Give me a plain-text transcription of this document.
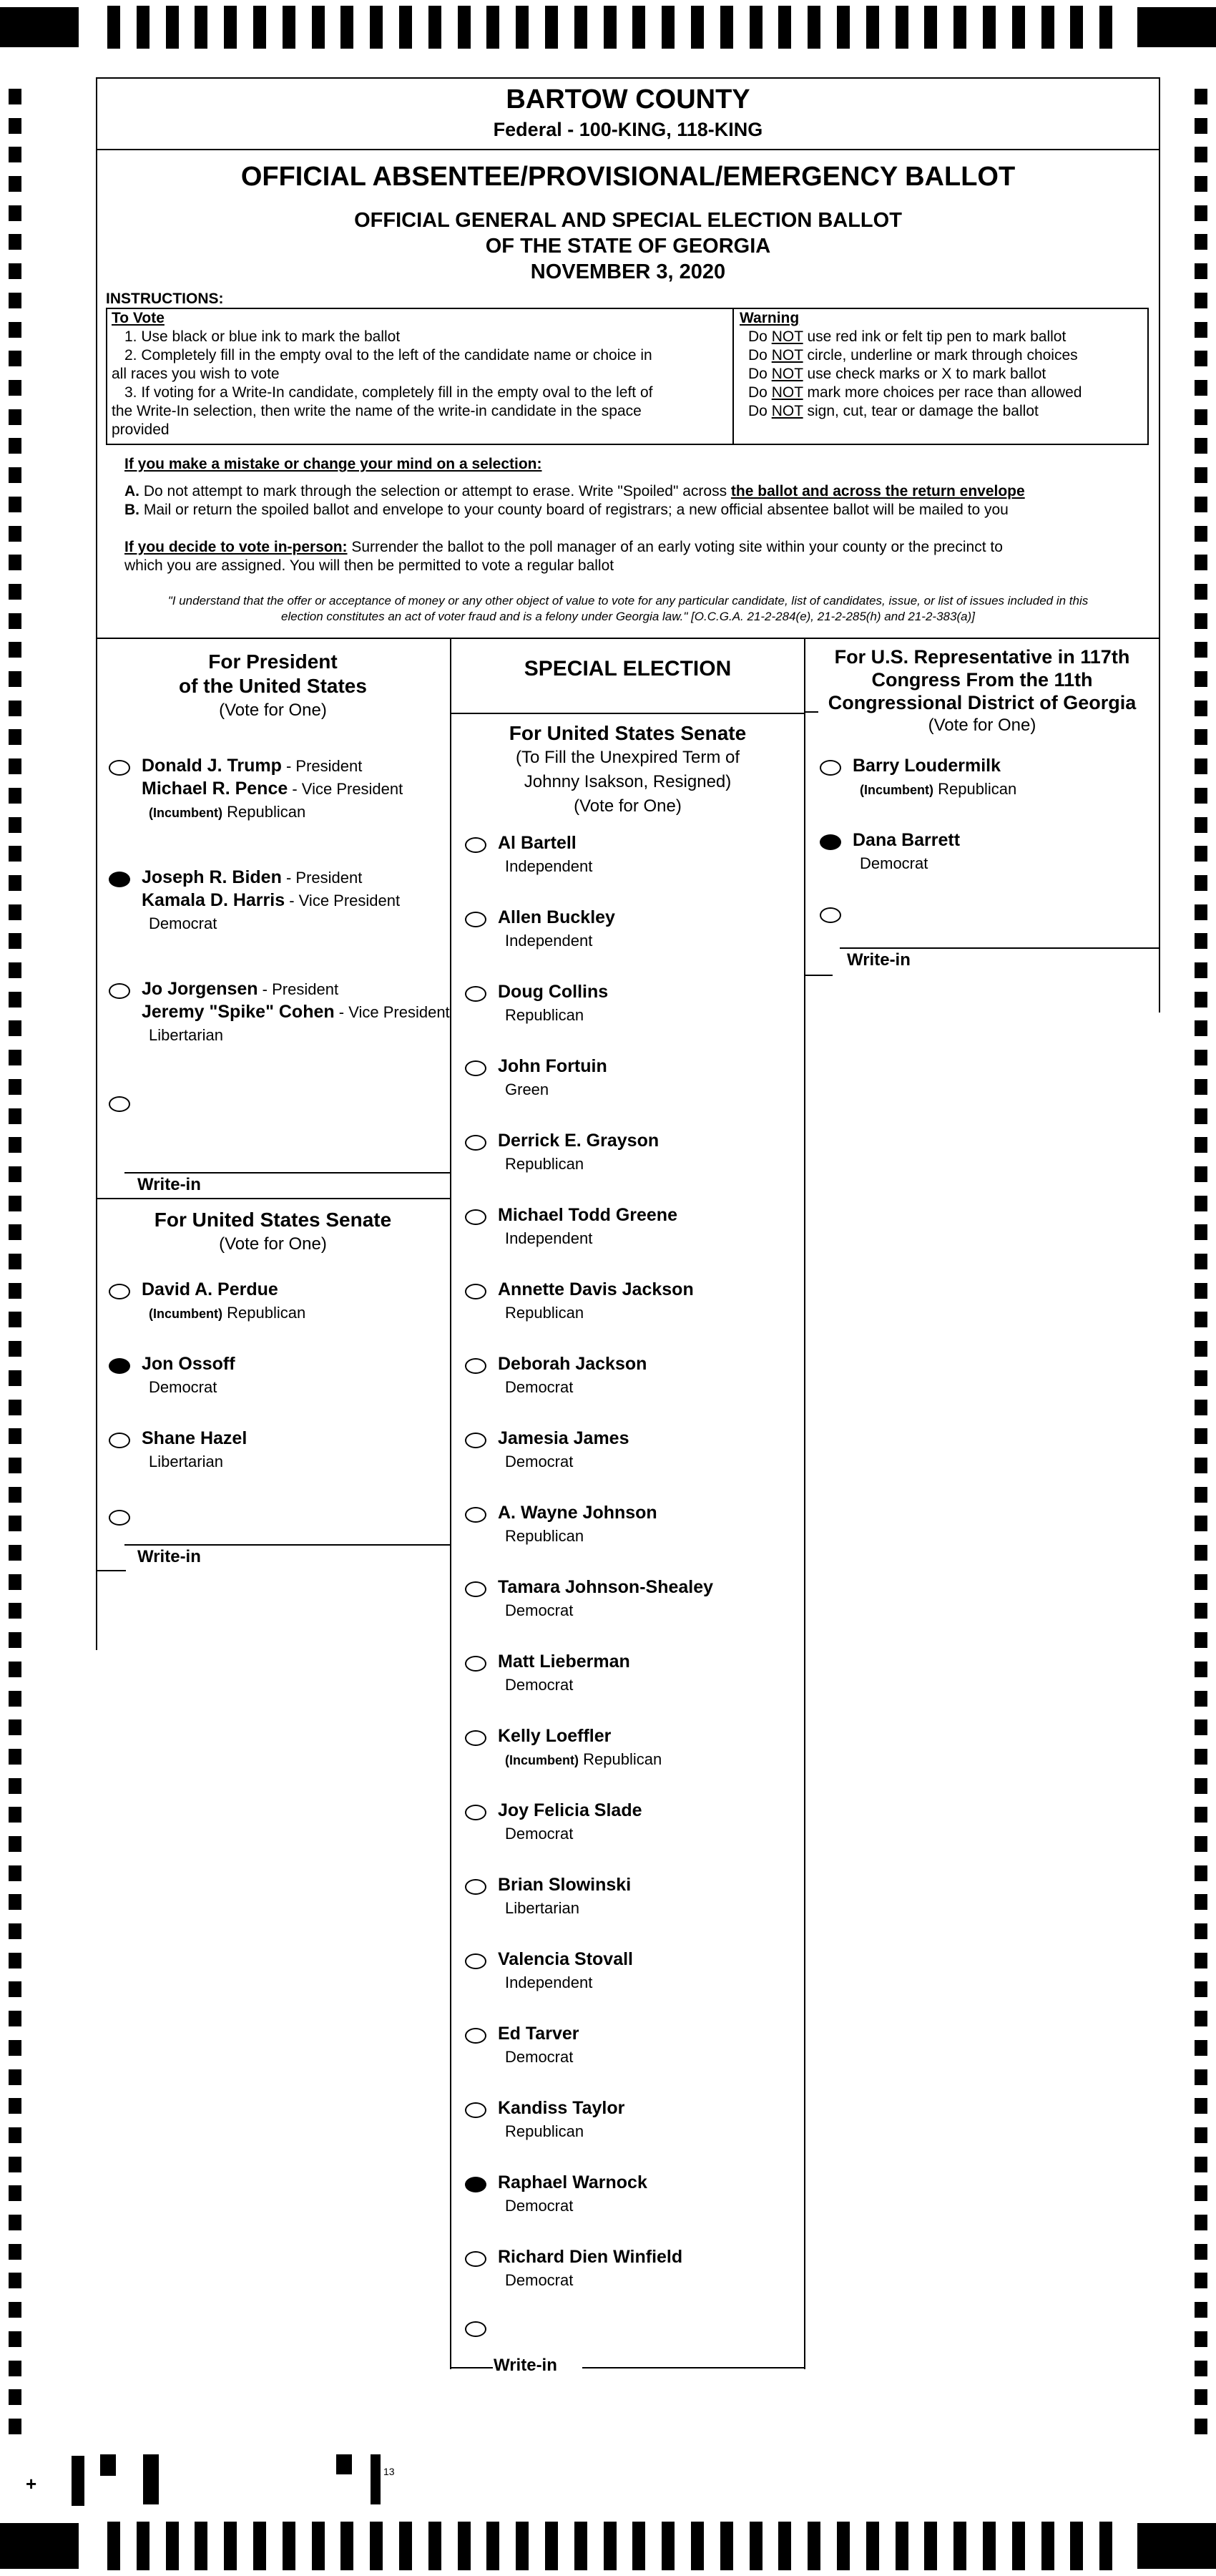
BARTOW COUNTY
Federal - 100-KING, 118-KING
OFFICIAL ABSENTEE/PROVISIONAL/EMERGENCY BALLOT
OFFICIAL GENERAL AND SPECIAL ELECTION BALLOT
OF THE STATE OF GEORGIA
NOVEMBER 3, 2020
INSTRUCTIONS:
To Vote
1. Use black or blue ink to mark the ballot
2. Completely fill in the empty oval to the left of the candidate name or choice in
all races you wish to vote
3. If voting for a Write-In candidate, completely fill in the empty oval to the left of
the Write-In selection, then write the name of the write-in candidate in the space
provided
Warning
Do NOT use red ink or felt tip pen to mark ballot
Do NOT circle, underline or mark through choices
Do NOT use check marks or X to mark ballot
Do NOT mark more choices per race than allowed
Do NOT sign, cut, tear or damage the ballot
If you make a mistake or change your mind on a selection:
A. Do not attempt to mark through the selection or attempt to erase. Write "Spoiled" across the ballot and across the return envelope
B. Mail or return the spoiled ballot and envelope to your county board of registrars; a new official absentee ballot will be mailed to you
If you decide to vote in-person: Surrender the ballot to the poll manager of an early voting site within your county or the precinct to
which you are assigned. You will then be permitted to vote a regular ballot
"I understand that the offer or acceptance of money or any other object of value to vote for any particular candidate, list of candidates, issue, or list of issues included in this
election constitutes an act of voter fraud and is a felony under Georgia law." [O.C.G.A. 21-2-284(e), 21-2-285(h) and 21-2-383(a)]
For President
of the United States
(Vote for One)
Donald J. Trump - President
Michael R. Pence - Vice President
(Incumbent) Republican
Joseph R. Biden - President
Kamala D. Harris - Vice President
Democrat
Jo Jorgensen - President
Jeremy "Spike" Cohen - Vice President
Libertarian
Write-in
For United States Senate
(Vote for One)
David A. Perdue
(Incumbent) Republican
Jon Ossoff
Democrat
Shane Hazel
Libertarian
Write-in
SPECIAL ELECTION
For United States Senate
(To Fill the Unexpired Term of
Johnny Isakson, Resigned)
(Vote for One)
Al Bartell
Independent
Allen Buckley
Independent
Doug Collins
Republican
John Fortuin
Green
Derrick E. Grayson
Republican
Michael Todd Greene
Independent
Annette Davis Jackson
Republican
Deborah Jackson
Democrat
Jamesia James
Democrat
A. Wayne Johnson
Republican
Tamara Johnson-Shealey
Democrat
Matt Lieberman
Democrat
Kelly Loeffler
(Incumbent) Republican
Joy Felicia Slade
Democrat
Brian Slowinski
Libertarian
Valencia Stovall
Independent
Ed Tarver
Democrat
Kandiss Taylor
Republican
Raphael Warnock
Democrat
Richard Dien Winfield
Democrat
Write-in
For U.S. Representative in 117th
Congress From the 11th
Congressional District of Georgia
(Vote for One)
Barry Loudermilk
(Incumbent) Republican
Dana Barrett
Democrat
Write-in
+
13
